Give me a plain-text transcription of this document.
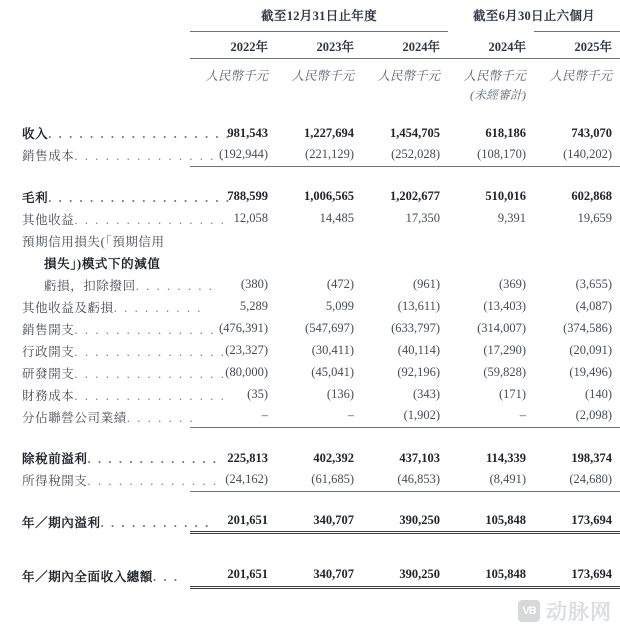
	截至12月31日止年度			截至6月30日止六個月	

	2022年	2023年	2024年	2024年	2025年
	人民幣千元	人民幣千元	人民幣千元	人民幣千元	人民幣千元
				(未經審計)	

收入. . . . . . . . . . . . . . . . . .	981,543	1,227,694	1,454,705	618,186	743,070
銷售成本. . . . . . . . . . . . . . .	(192,944)	(221,129)	(252,028)	(108,170)	(140,202)

毛利. . . . . . . . . . . . . . . . . .	788,599	1,006,565	1,202,677	510,016	602,868
其他收益. . . . . . . . . . . . . . .	12,058	14,485	17,350	9,391	19,659
預期信用損失(「預期信用					
損失」)模式下的減值					
虧損，扣除撥回. . . . . . . .	(380)	(472)	(961)	(369)	(3,655)
其他收益及虧損. . . . . . . . .	5,289	5,099	(13,611)	(13,403)	(4,087)
銷售開支. . . . . . . . . . . . . . .	(476,391)	(547,697)	(633,797)	(314,007)	(374,586)
行政開支. . . . . . . . . . . . . . .	(23,327)	(30,411)	(40,114)	(17,290)	(20,091)
研發開支. . . . . . . . . . . . . . .	(80,000)	(45,041)	(92,196)	(59,828)	(19,496)
財務成本. . . . . . . . . . . . . . .	(35)	(136)	(343)	(171)	(140)
分佔聯營公司業績. . . . . . .	–	–	(1,902)	–	(2,098)

除稅前溢利. . . . . . . . . . . . .	225,813	402,392	437,103	114,339	198,374
所得稅開支. . . . . . . . . . . . .	(24,162)	(61,685)	(46,853)	(8,491)	(24,680)

年／期內溢利. . . . . . . . . . .	201,651	340,707	390,250	105,848	173,694

年／期內全面收入總額. . .	201,651	340,707	390,250	105,848	173,694
VB 动脉网
